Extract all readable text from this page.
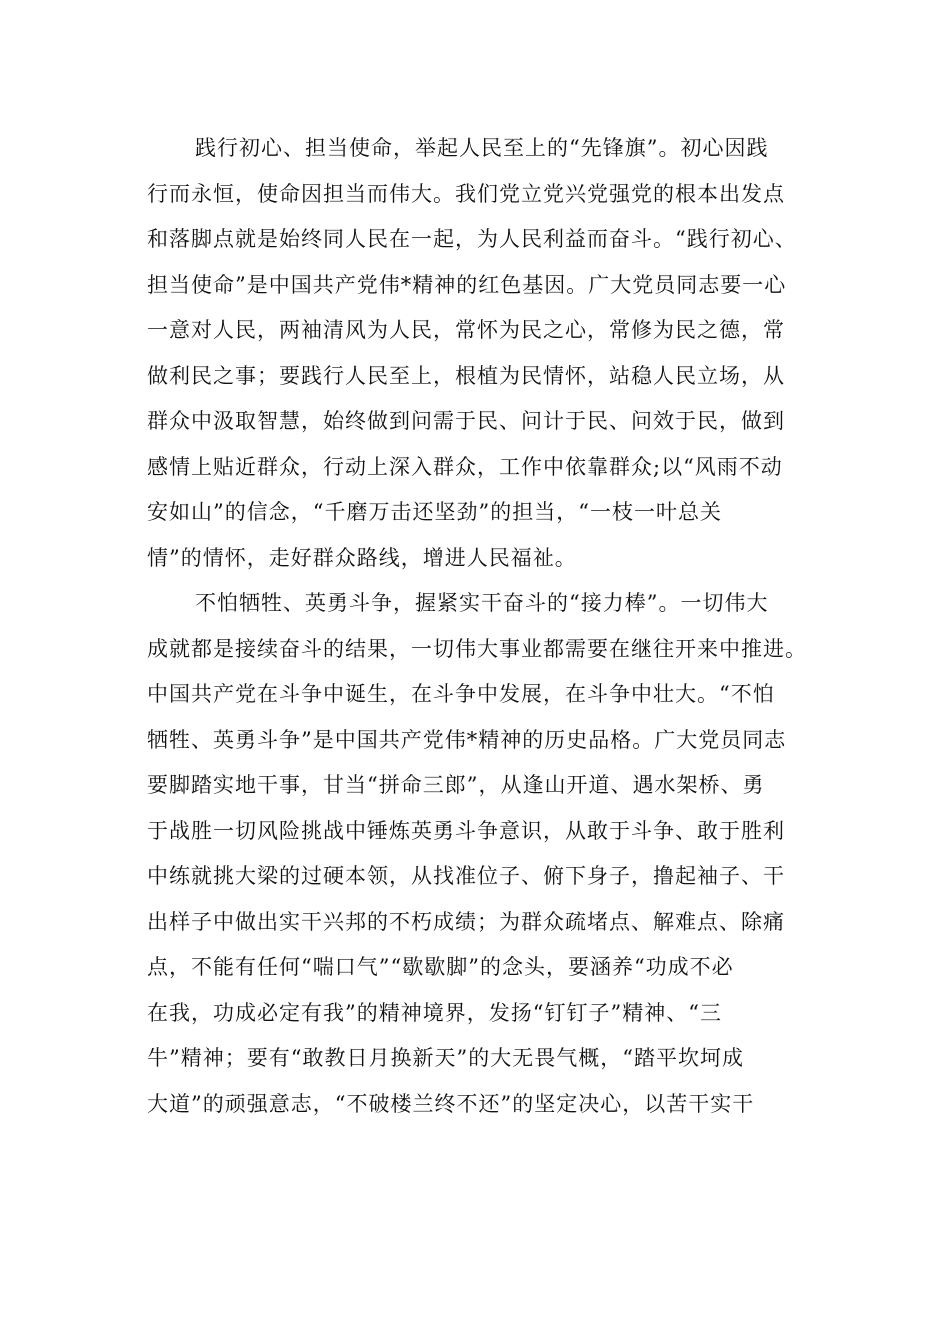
践行初心、担当使命，举起人民至上的“先锋旗”。初心因践
行而永恒，使命因担当而伟大。我们党立党兴党强党的根本出发点
和落脚点就是始终同人民在一起，为人民利益而奋斗。“践行初心、
担当使命”是中国共产党伟*精神的红色基因。广大党员同志要一心
一意对人民，两袖清风为人民，常怀为民之心，常修为民之德，常
做利民之事；要践行人民至上，根植为民情怀，站稳人民立场，从
群众中汲取智慧，始终做到问需于民、问计于民、问效于民，做到
感情上贴近群众，行动上深入群众，工作中依靠群众;以“风雨不动
安如山”的信念，“千磨万击还坚劲”的担当，“一枝一叶总关
情”的情怀，走好群众路线，增进人民福祉。
不怕牺牲、英勇斗争，握紧实干奋斗的“接力棒”。一切伟大
成就都是接续奋斗的结果，一切伟大事业都需要在继往开来中推进。
中国共产党在斗争中诞生，在斗争中发展，在斗争中壮大。“不怕
牺牲、英勇斗争”是中国共产党伟*精神的历史品格。广大党员同志
要脚踏实地干事，甘当“拼命三郎”，从逢山开道、遇水架桥、勇
于战胜一切风险挑战中锤炼英勇斗争意识，从敢于斗争、敢于胜利
中练就挑大梁的过硬本领，从找准位子、俯下身子，撸起袖子、干
出样子中做出实干兴邦的不朽成绩；为群众疏堵点、解难点、除痛
点，不能有任何“喘口气”“歇歇脚”的念头，要涵养“功成不必
在我，功成必定有我”的精神境界，发扬“钉钉子”精神、“三
牛”精神；要有“敢教日月换新天”的大无畏气概，“踏平坎坷成
大道”的顽强意志，“不破楼兰终不还”的坚定决心，以苦干实干
